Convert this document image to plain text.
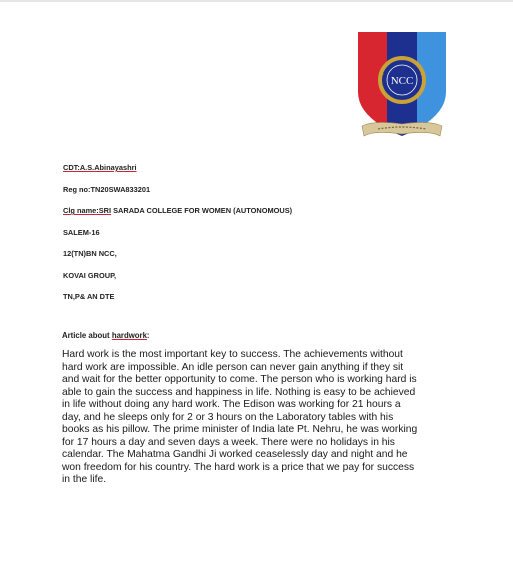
NCC
CDT:A.S.Abinayashri
Reg no:TN20SWA833201
Clg name:SRI SARADA COLLEGE FOR WOMEN (AUTONOMOUS)
SALEM-16
12(TN)BN NCC,
KOVAI GROUP,
TN,P& AN DTE
Article about hardwork:

Hard work is the most important key to success. The achievements without
hard work are impossible. An idle person can never gain anything if they sit
and wait for the better opportunity to come. The person who is working hard is
able to gain the success and happiness in life. Nothing is easy to be achieved
in life without doing any hard work. The Edison was working for 21 hours a
day, and he sleeps only for 2 or 3 hours on the Laboratory tables with his
books as his pillow. The prime minister of India late Pt. Nehru, he was working
for 17 hours a day and seven days a week. There were no holidays in his
calendar. The Mahatma Gandhi Ji worked ceaselessly day and night and he
won freedom for his country. The hard work is a price that we pay for success
in the life.
